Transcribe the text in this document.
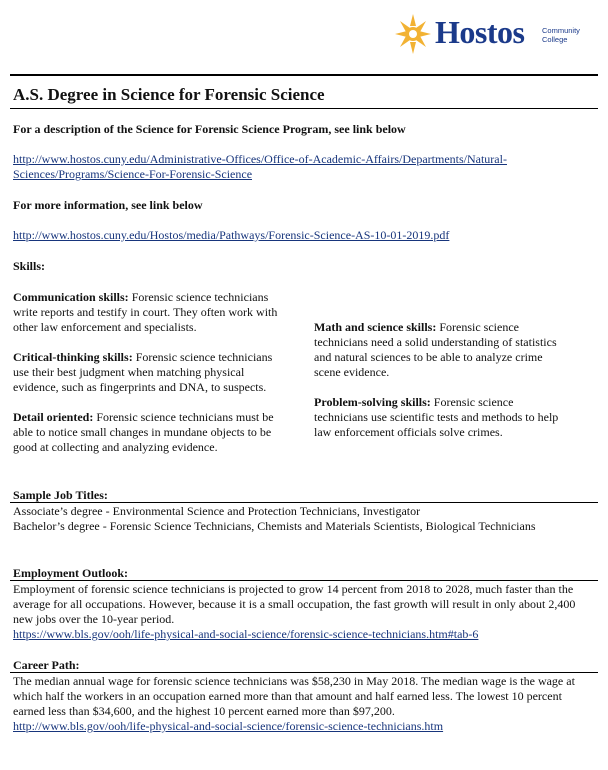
Hostos Community
College
A.S. Degree in Science for Forensic Science
For a description of the Science for Forensic Science Program, see link below
http://www.hostos.cuny.edu/Administrative-Offices/Office-of-Academic-Affairs/Departments/Natural-Sciences/Programs/Science-For-Forensic-Science
For more information, see link below
http://www.hostos.cuny.edu/Hostos/media/Pathways/Forensic-Science-AS-10-01-2019.pdf
Skills:
Communication skills: Forensic science technicians write reports and testify in court. They often work with other law enforcement and specialists.
Critical-thinking skills: Forensic science technicians use their best judgment when matching physical evidence, such as fingerprints and DNA, to suspects.
Detail oriented: Forensic science technicians must be able to notice small changes in mundane objects to be good at collecting and analyzing evidence.
Math and science skills: Forensic science technicians need a solid understanding of statistics and natural sciences to be able to analyze crime scene evidence.
Problem-solving skills: Forensic science technicians use scientific tests and methods to help law enforcement officials solve crimes.
Sample Job Titles:
Associate’s degree - Environmental Science and Protection Technicians, Investigator
Bachelor’s degree - Forensic Science Technicians, Chemists and Materials Scientists, Biological Technicians
Employment Outlook:
Employment of forensic science technicians is projected to grow 14 percent from 2018 to 2028, much faster than the average for all occupations. However, because it is a small occupation, the fast growth will result in only about 2,400 new jobs over the 10-year period.
https://www.bls.gov/ooh/life-physical-and-social-science/forensic-science-technicians.htm#tab-6
Career Path:
The median annual wage for forensic science technicians was $58,230 in May 2018. The median wage is the wage at which half the workers in an occupation earned more than that amount and half earned less. The lowest 10 percent earned less than $34,600, and the highest 10 percent earned more than $97,200.
http://www.bls.gov/ooh/life-physical-and-social-science/forensic-science-technicians.htm
